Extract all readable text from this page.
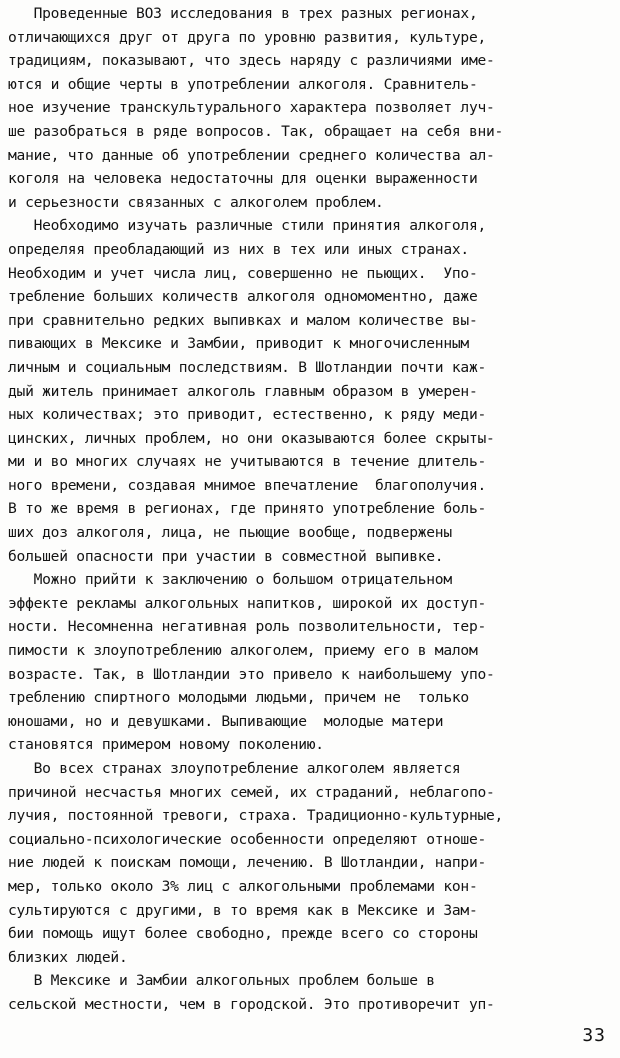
Проведенные ВОЗ исследования в трех разных регионах,
отличающихся друг от друга по уровню развития, культуре,
традициям, показывают, что здесь наряду с различиями име-
ются и общие черты в употреблении алкоголя. Сравнитель-
ное изучение транскультурального характера позволяет луч-
ше разобраться в ряде вопросов. Так, обращает на себя вни-
мание, что данные об употреблении среднего количества ал-
коголя на человека недостаточны для оценки выраженности
и серьезности связанных с алкоголем проблем.
Необходимо изучать различные стили принятия алкоголя,
определяя преобладающий из них в тех или иных странах.
Необходим и учет числа лиц, совершенно не пьющих.  Упо-
требление больших количеств алкоголя одномоментно, даже
при сравнительно редких выпивках и малом количестве вы-
пивающих в Мексике и Замбии, приводит к многочисленным
личным и социальным последствиям. В Шотландии почти каж-
дый житель принимает алкоголь главным образом в умерен-
ных количествах; это приводит, естественно, к ряду меди-
цинских, личных проблем, но они оказываются более скрыты-
ми и во многих случаях не учитываются в течение длитель-
ного времени, создавая мнимое впечатление  благополучия.
В то же время в регионах, где принято употребление боль-
ших доз алкоголя, лица, не пьющие вообще, подвержены
большей опасности при участии в совместной выпивке.
Можно прийти к заключению о большом отрицательном
эффекте рекламы алкогольных напитков, широкой их доступ-
ности. Несомненна негативная роль позволительности, тер-
пимости к злоупотреблению алкоголем, приему его в малом
возрасте. Так, в Шотландии это привело к наибольшему упо-
треблению спиртного молодыми людьми, причем не  только
юношами, но и девушками. Выпивающие  молодые матери
становятся примером новому поколению.
Во всех странах злоупотребление алкоголем является
причиной несчастья многих семей, их страданий, неблагопо-
лучия, постоянной тревоги, страха. Традиционно-культурные,
социально-психологические особенности определяют отноше-
ние людей к поискам помощи, лечению. В Шотландии, напри-
мер, только около 3% лиц с алкогольными проблемами кон-
сультируются с другими, в то время как в Мексике и Зам-
бии помощь ищут более свободно, прежде всего со стороны
близких людей.
В Мексике и Замбии алкогольных проблем больше в
сельской местности, чем в городской. Это противоречит уп-
33
